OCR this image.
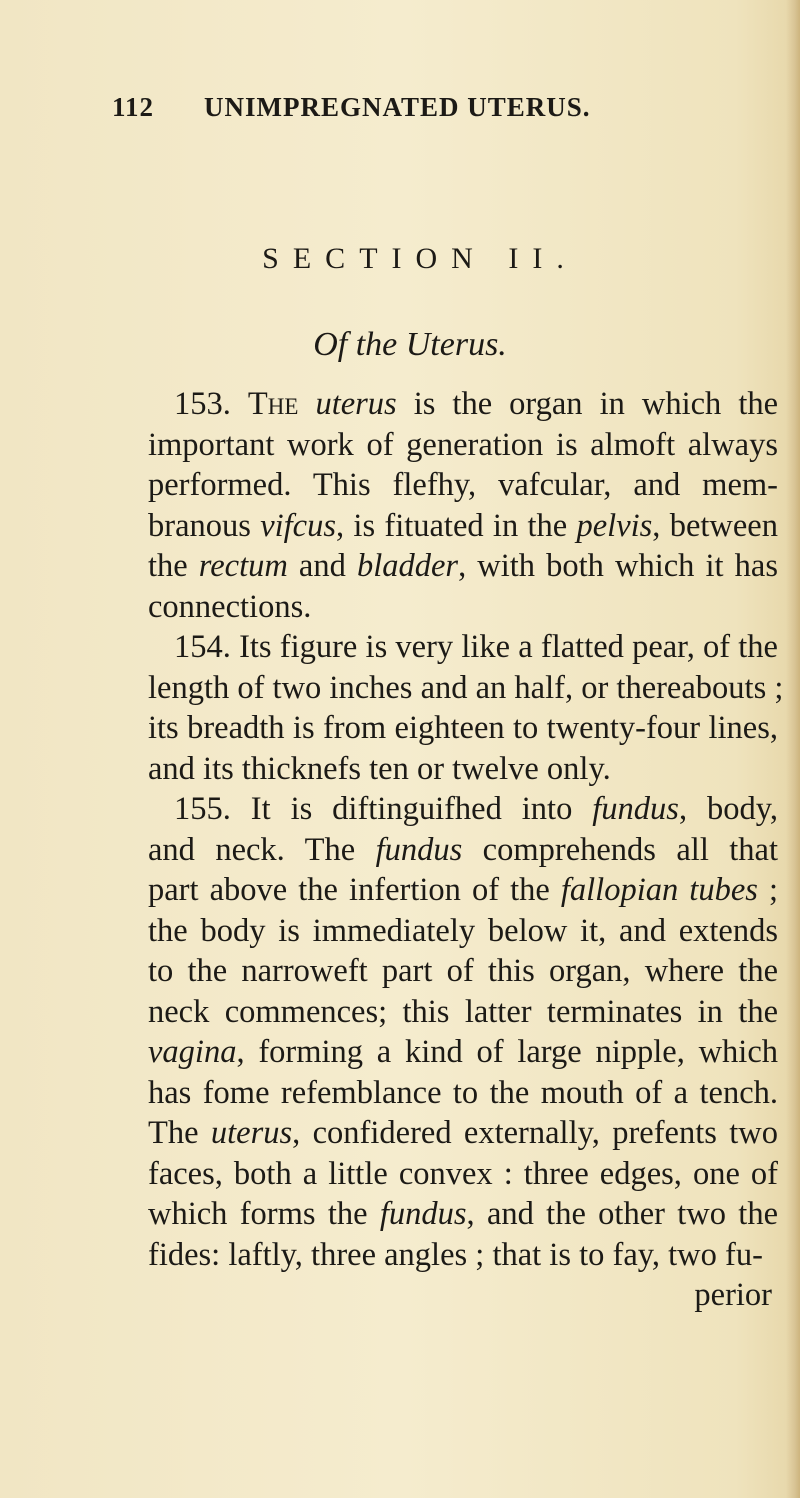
112 UNIMPREGNATED UTERUS.
SECTION II.
Of the Uterus.
153. The uterus is the organ in which the
important work of generation is almoft always
performed. This flefhy, vafcular, and mem-
branous vifcus, is fituated in the pelvis, between
the rectum and bladder, with both which it has
connections.
154. Its figure is very like a flatted pear, of the
length of two inches and an half, or thereabouts ;
its breadth is from eighteen to twenty-four lines,
and its thicknefs ten or twelve only.
155. It is diftinguifhed into fundus, body,
and neck. The fundus comprehends all that
part above the infertion of the fallopian tubes ;
the body is immediately below it, and extends
to the narroweft part of this organ, where the
neck commences; this latter terminates in the
vagina, forming a kind of large nipple, which
has fome refemblance to the mouth of a tench.
The uterus, confidered externally, prefents two
faces, both a little convex : three edges, one of
which forms the fundus, and the other two the
fides: laftly, three angles ; that is to fay, two fu-
perior
